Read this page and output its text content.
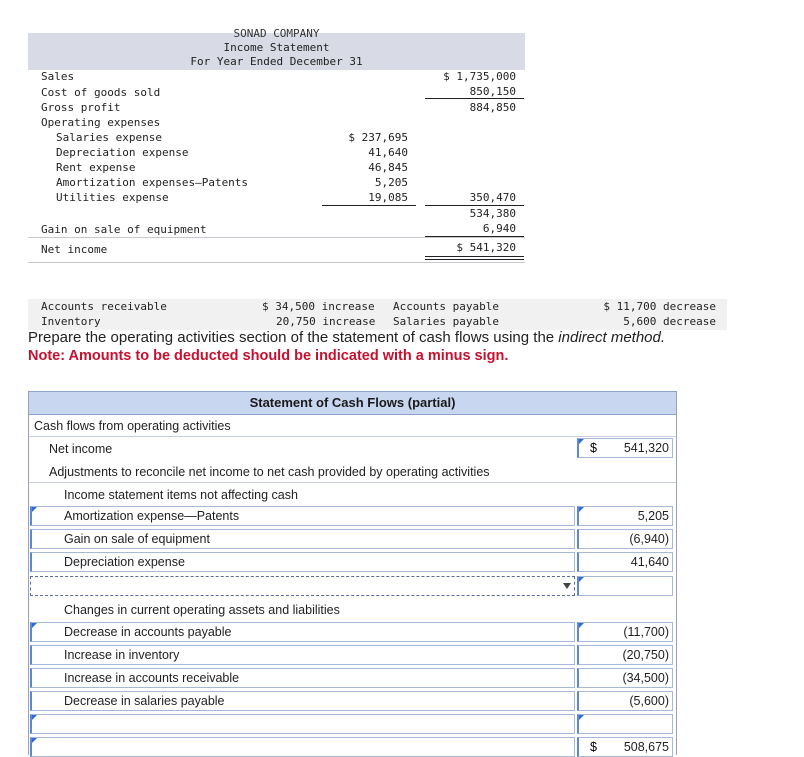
SONAD COMPANY
Income Statement
For Year Ended December 31
Sales	$ 1,735,000
Cost of goods sold	850,150
Gross profit	884,850
Operating expenses
Salaries expense	$ 237,695
Depreciation expense	41,640
Rent expense	46,845
Amortization expenses—Patents	5,205
Utilities expense	19,085	350,470
534,380
Gain on sale of equipment	6,940
Net income	$ 541,320
Accounts receivable	$ 34,500 increase Accounts payable	$ 11,700 decrease
Inventory	20,750 increase Salaries payable	5,600 decrease
Prepare the operating activities section of the statement of cash flows using the indirect method.
Note: Amounts to be deducted should be indicated with a minus sign.
Statement of Cash Flows (partial)
Cash flows from operating activities
Net income	$ 541,320
Adjustments to reconcile net income to net cash provided by operating activities
Income statement items not affecting cash
Amortization expense—Patents	5,205
Gain on sale of equipment	(6,940)
Depreciation expense	41,640
Changes in current operating assets and liabilities
Decrease in accounts payable	(11,700)
Increase in inventory	(20,750)
Increase in accounts receivable	(34,500)
Decrease in salaries payable	(5,600)
$ 508,675
